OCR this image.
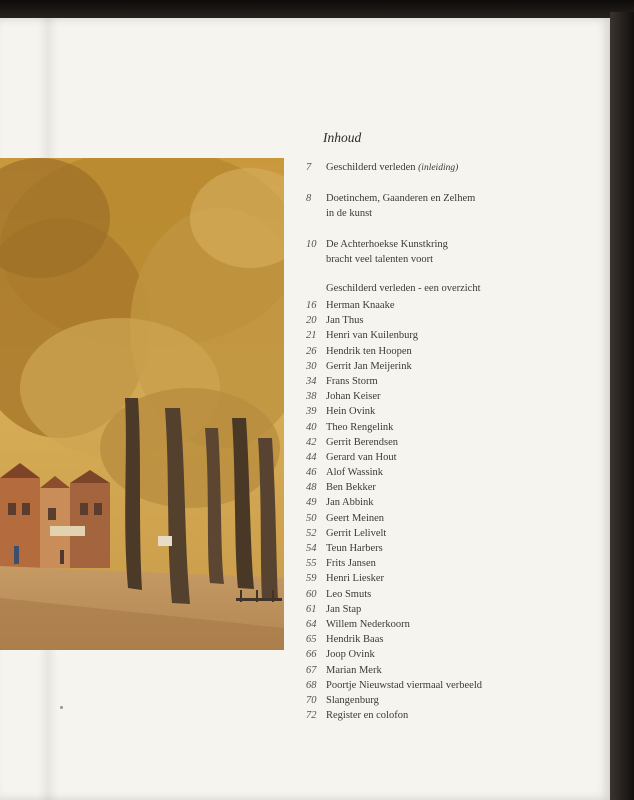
Inhoud
7	Geschilderd verleden (inleiding)
8	Doetinchem, Gaanderen en Zelhem
in de kunst
10 De Achterhoekse Kunstkring
bracht veel talenten voort
Geschilderd verleden - een overzicht
16 Herman Knaake
20 Jan Thus
21 Henri van Kuilenburg
26 Hendrik ten Hoopen
30 Gerrit Jan Meijerink
34 Frans Storm
38 Johan Keiser
39 Hein Ovink
40 Theo Rengelink
42 Gerrit Berendsen
44 Gerard van Hout
46 Alof Wassink
48 Ben Bekker
49 Jan Abbink
50 Geert Meinen
52 Gerrit Lelivelt
54 Teun Harbers
55 Frits Jansen
59 Henri Liesker
60 Leo Smuts
61 Jan Stap
64 Willem Nederkoorn
65 Hendrik Baas
66 Joop Ovink
67 Marian Merk
68 Poortje Nieuwstad viermaal verbeeld
70 Slangenburg
72 Register en colofon
